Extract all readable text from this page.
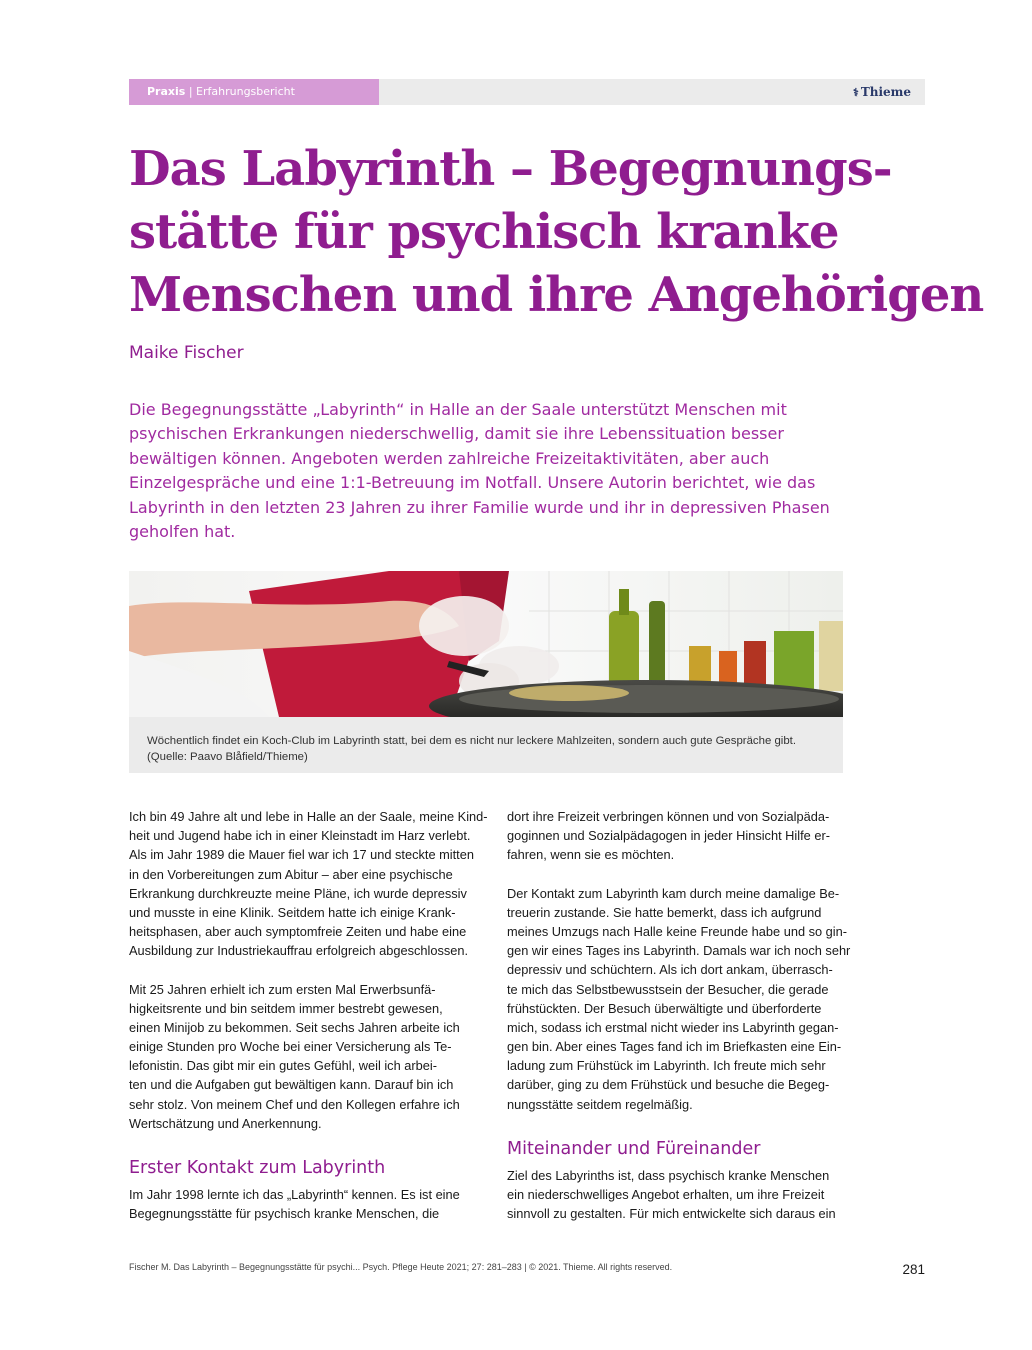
Praxis | Erfahrungsbericht	⚕ Thieme
Das Labyrinth – Begegnungs-
stätte für psychisch kranke
Menschen und ihre Angehörigen
Maike Fischer
Die Begegnungsstätte „Labyrinth“ in Halle an der Saale unterstützt Menschen mit
psychischen Erkrankungen niederschwellig, damit sie ihre Lebenssituation besser
bewältigen können. Angeboten werden zahlreiche Freizeitaktivitäten, aber auch
Einzelgespräche und eine 1:1-Betreuung im Notfall. Unsere Autorin berichtet, wie das
Labyrinth in den letzten 23 Jahren zu ihrer Familie wurde und ihr in depressiven Phasen
geholfen hat.
Wöchentlich findet ein Koch-Club im Labyrinth statt, bei dem es nicht nur leckere Mahlzeiten, sondern auch gute Gespräche gibt.
(Quelle: Paavo Blåfield/Thieme)

Ich bin 49 Jahre alt und lebe in Halle an der Saale, meine Kind-
heit und Jugend habe ich in einer Kleinstadt im Harz verlebt.
Als im Jahr 1989 die Mauer fiel war ich 17 und steckte mitten
in den Vorbereitungen zum Abitur – aber eine psychische
Erkrankung durchkreuzte meine Pläne, ich wurde depressiv
und musste in eine Klinik. Seitdem hatte ich einige Krank-
heitsphasen, aber auch symptomfreie Zeiten und habe eine
Ausbildung zur Industriekauffrau erfolgreich abgeschlossen.

Mit 25 Jahren erhielt ich zum ersten Mal Erwerbsunfä-
higkeitsrente und bin seitdem immer bestrebt gewesen,
einen Minijob zu bekommen. Seit sechs Jahren arbeite ich
einige Stunden pro Woche bei einer Versicherung als Te-
lefonistin. Das gibt mir ein gutes Gefühl, weil ich arbei-
ten und die Aufgaben gut bewältigen kann. Darauf bin ich
sehr stolz. Von meinem Chef und den Kollegen erfahre ich
Wertschätzung und Anerkennung.

Erster Kontakt zum Labyrinth

Im Jahr 1998 lernte ich das „Labyrinth“ kennen. Es ist eine
Begegnungsstätte für psychisch kranke Menschen, die

dort ihre Freizeit verbringen können und von Sozialpäda-
goginnen und Sozialpädagogen in jeder Hinsicht Hilfe er-
fahren, wenn sie es möchten.

Der Kontakt zum Labyrinth kam durch meine damalige Be-
treuerin zustande. Sie hatte bemerkt, dass ich aufgrund
meines Umzugs nach Halle keine Freunde habe und so gin-
gen wir eines Tages ins Labyrinth. Damals war ich noch sehr
depressiv und schüchtern. Als ich dort ankam, überrasch-
te mich das Selbstbewusstsein der Besucher, die gerade
frühstückten. Der Besuch überwältigte und überforderte
mich, sodass ich erstmal nicht wieder ins Labyrinth gegan-
gen bin. Aber eines Tages fand ich im Briefkasten eine Ein-
ladung zum Frühstück im Labyrinth. Ich freute mich sehr
darüber, ging zu dem Frühstück und besuche die Begeg-
nungsstätte seitdem regelmäßig.

Miteinander und Füreinander

Ziel des Labyrinths ist, dass psychisch kranke Menschen
ein niederschwelliges Angebot erhalten, um ihre Freizeit
sinnvoll zu gestalten. Für mich entwickelte sich daraus ein

Fischer M. Das Labyrinth – Begegnungsstätte für psychi... Psych. Pflege Heute 2021; 27: 281–283 | © 2021. Thieme. All rights reserved.	281
